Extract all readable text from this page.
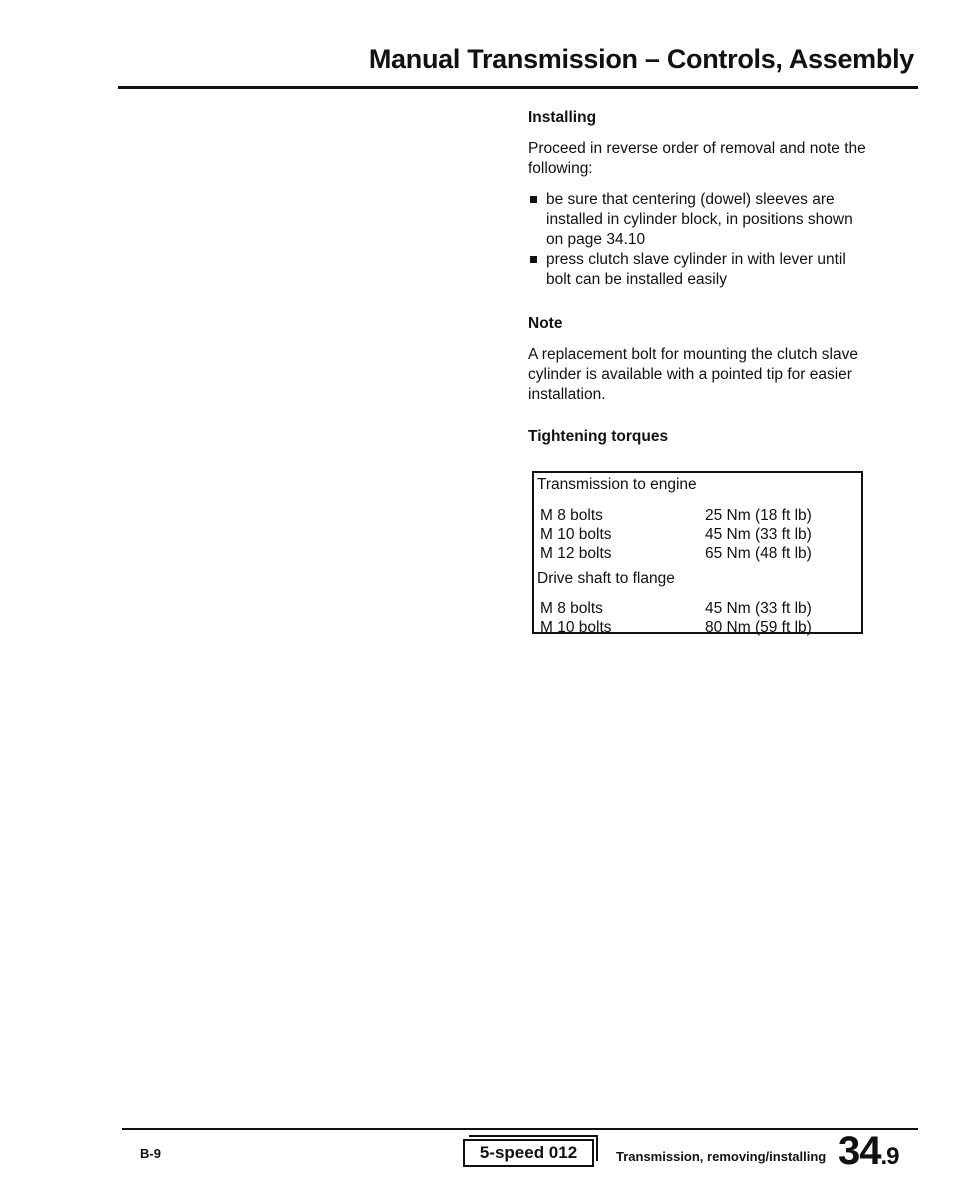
Manual Transmission – Controls, Assembly

Installing

Proceed in reverse order of removal and note the following:

be sure that centering (dowel) sleeves are installed in cylinder block, in positions shown on page 34.10
press clutch slave cylinder in with lever until bolt can be installed easily

Note

A replacement bolt for mounting the clutch slave cylinder is available with a pointed tip for easier installation.

Tightening torques

Transmission to engine
M 8 bolts	25 Nm (18 ft lb)
M 10 bolts	45 Nm (33 ft lb)
M 12 bolts	65 Nm (48 ft lb)
Drive shaft to flange
M 8 bolts	45 Nm (33 ft lb)
M 10 bolts	80 Nm (59 ft lb)
B-9	5-speed 012	Transmission, removing/installing 34.9
